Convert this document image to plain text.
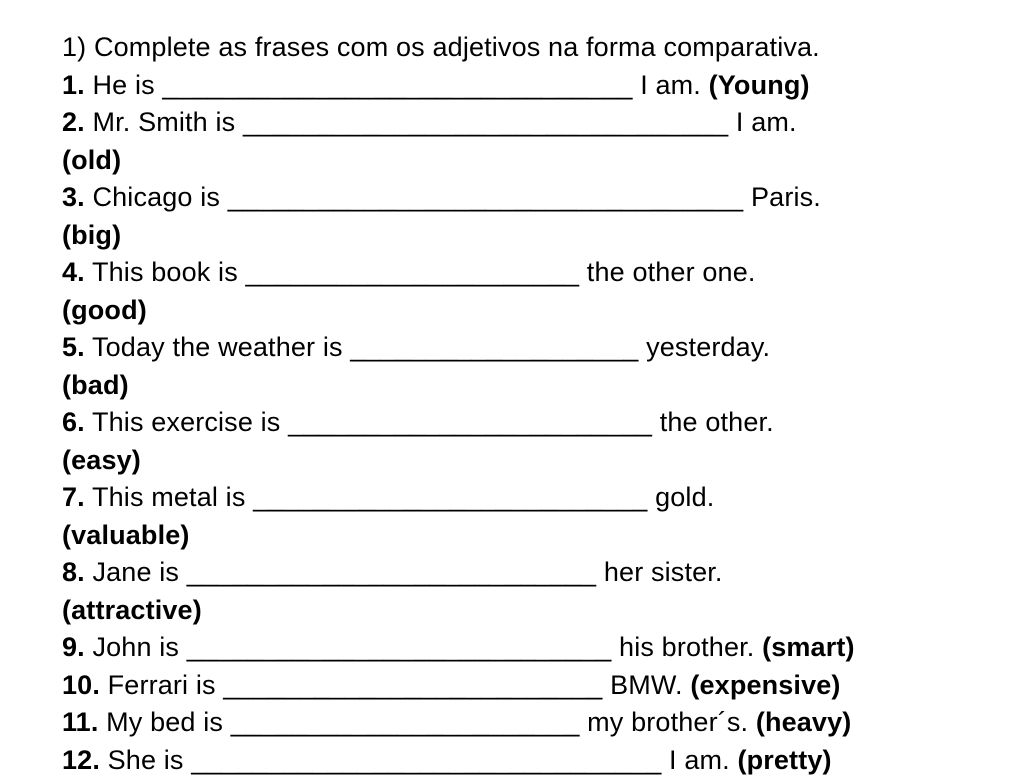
1) Complete as frases com os adjetivos na forma comparativa.
1. He is _______________________________ I am. (Young)
2. Mr. Smith is ________________________________ I am.
(old)
3. Chicago is __________________________________ Paris.
(big)
4. This book is ______________________ the other one.
(good)
5. Today the weather is ___________________ yesterday.
(bad)
6. This exercise is ________________________ the other.
(easy)
7. This metal is __________________________ gold.
(valuable)
8. Jane is ___________________________ her sister.
(attractive)
9. John is ____________________________ his brother. (smart)
10. Ferrari is _________________________ BMW. (expensive)
11. My bed is _______________________ my brother´s. (heavy)
12. She is _______________________________ I am. (pretty)
